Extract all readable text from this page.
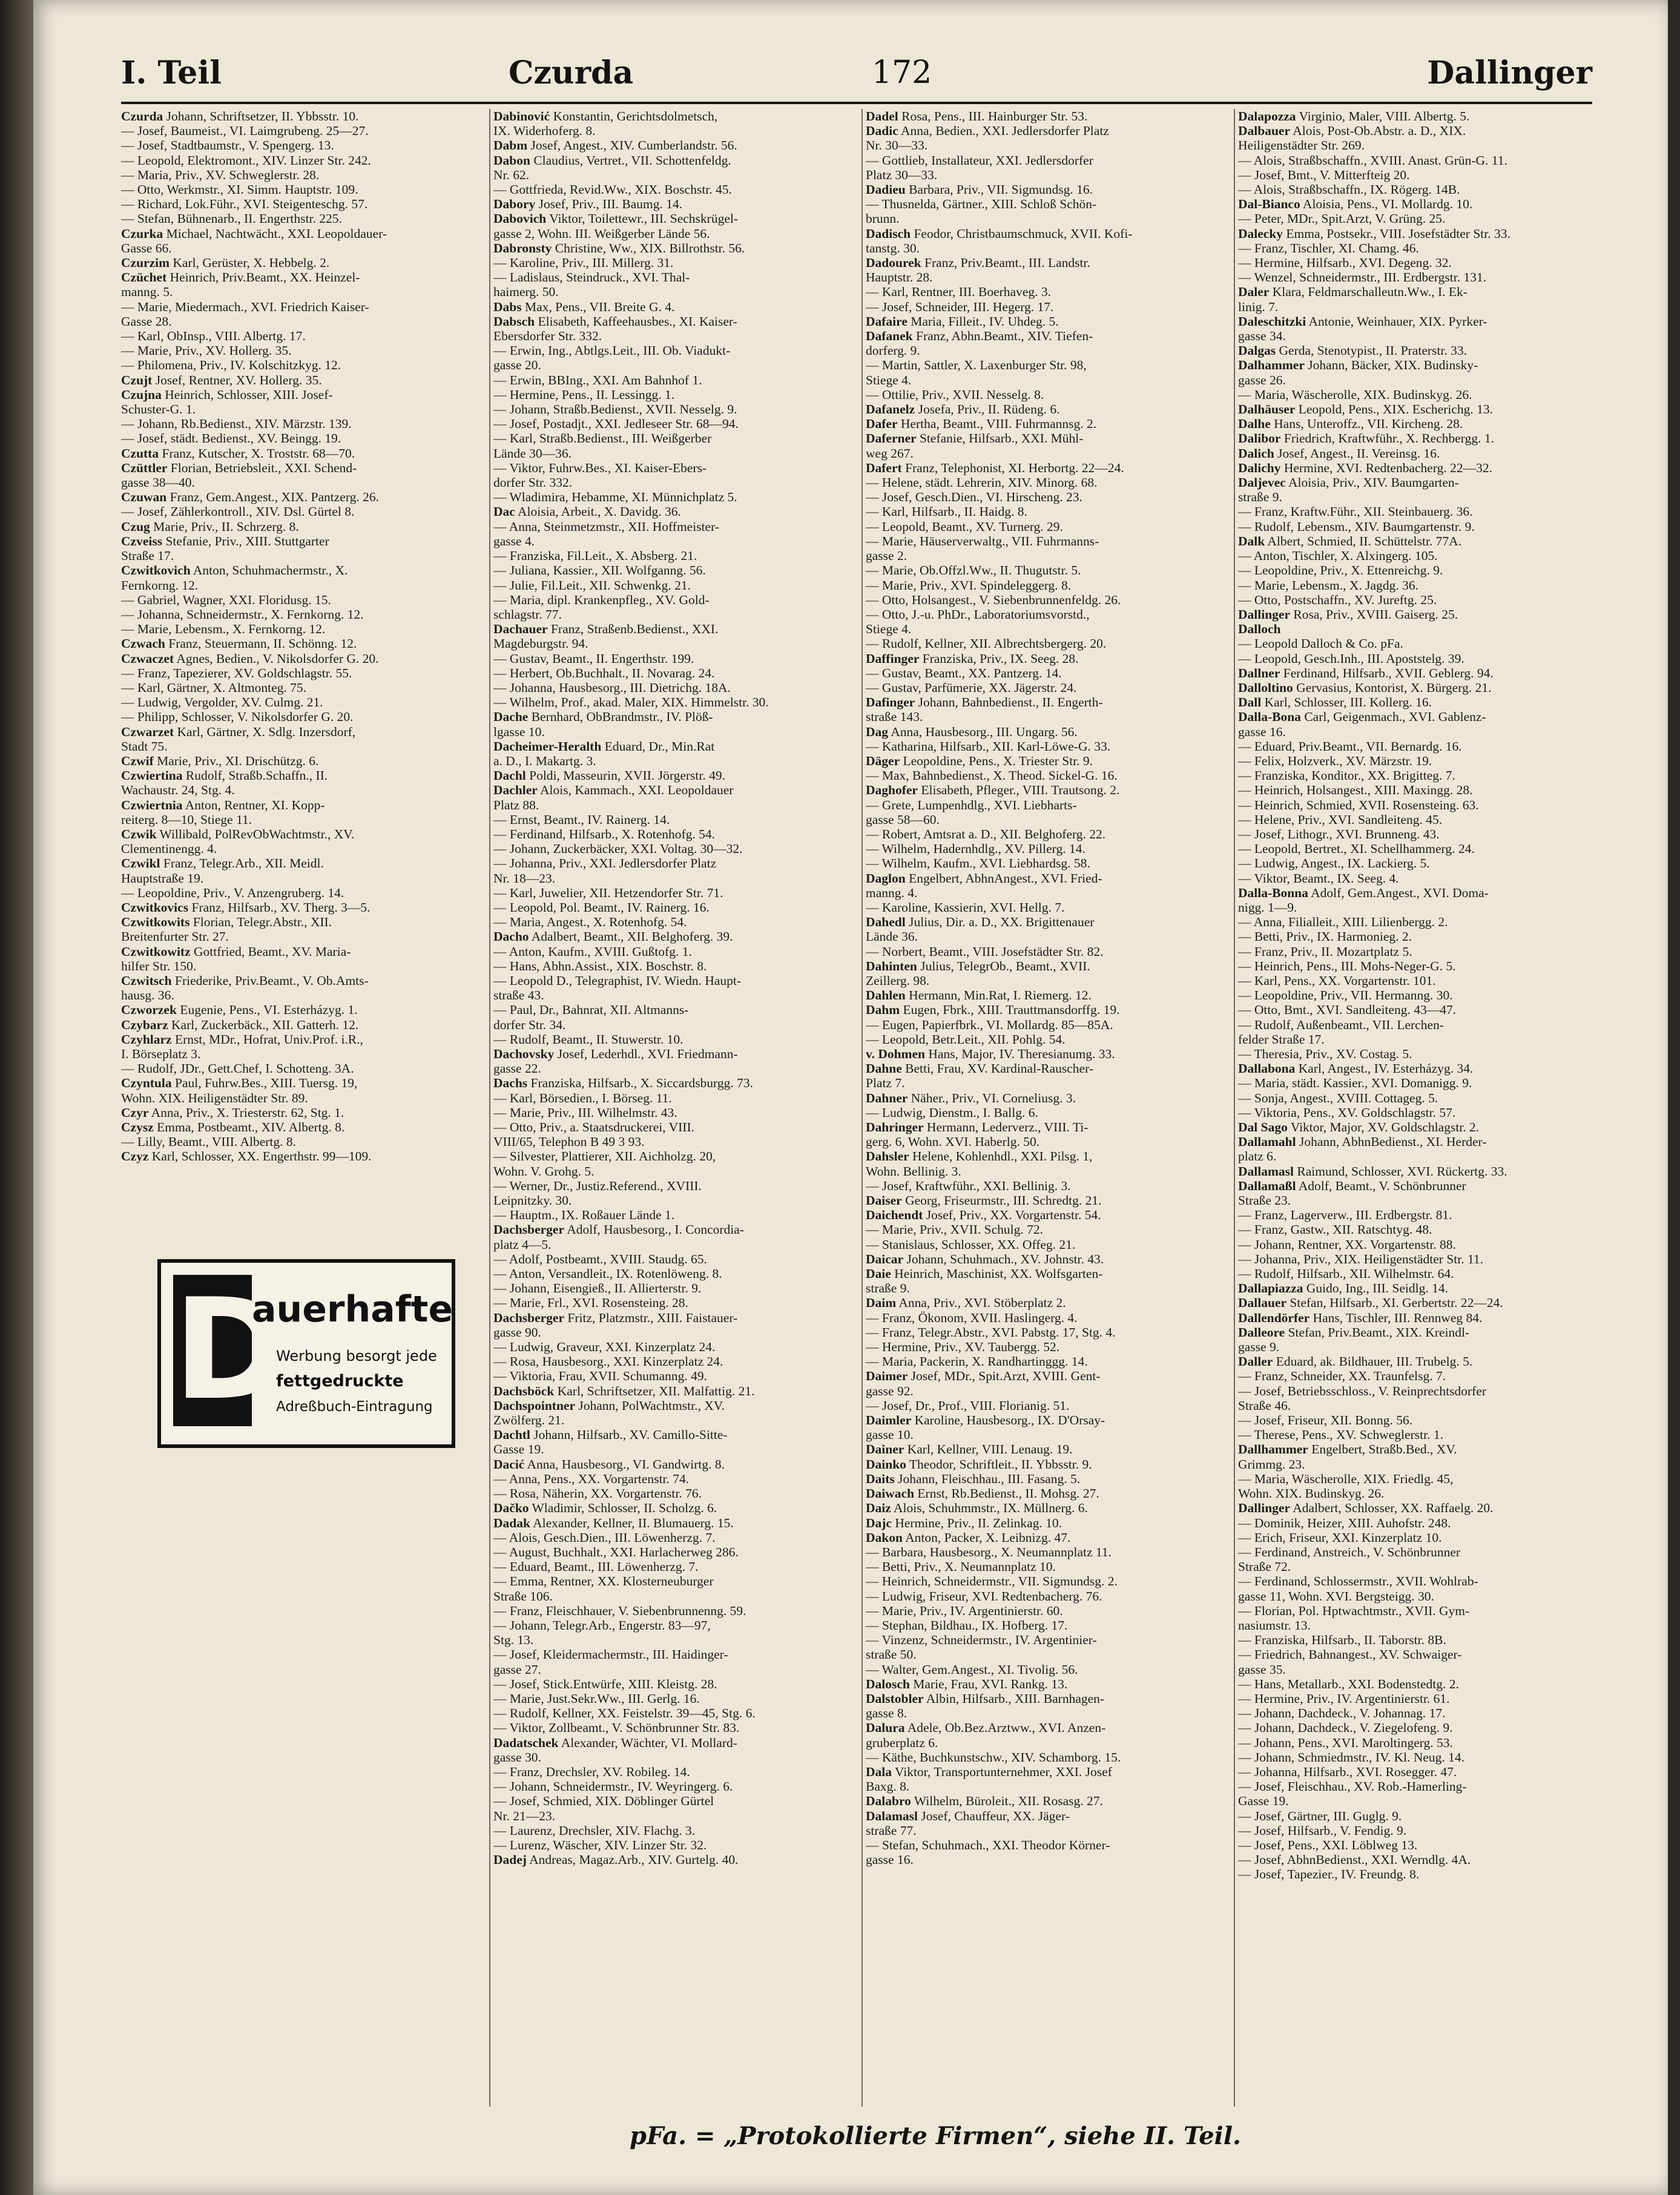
I. Teil	Czurda	172	Dallinger
Czurda Johann, Schriftsetzer, II. Ybbsstr. 10.
— Josef, Baumeist., VI. Laimgrubeng. 25—27.
— Josef, Stadtbaumstr., V. Spengerg. 13.
— Leopold, Elektromont., XIV. Linzer Str. 242.
— Maria, Priv., XV. Schweglerstr. 28.
— Otto, Werkmstr., XI. Simm. Hauptstr. 109.
— Richard, Lok.Führ., XVI. Steigenteschg. 57.
— Stefan, Bühnenarb., II. Engerthstr. 225.
Czurka Michael, Nachtwächt., XXI. Leopoldauer-
Gasse 66.
Czurzim Karl, Gerüster, X. Hebbelg. 2.
Czüchet Heinrich, Priv.Beamt., XX. Heinzel-
manng. 5.
— Marie, Miedermach., XVI. Friedrich Kaiser-
Gasse 28.
— Karl, ObInsp., VIII. Albertg. 17.
— Marie, Priv., XV. Hollerg. 35.
— Philomena, Priv., IV. Kolschitzkyg. 12.
Czujt Josef, Rentner, XV. Hollerg. 35.
Czujna Heinrich, Schlosser, XIII. Josef-
Schuster-G. 1.
— Johann, Rb.Bedienst., XIV. Märzstr. 139.
— Josef, städt. Bedienst., XV. Beingg. 19.
Czutta Franz, Kutscher, X. Troststr. 68—70.
Czüttler Florian, Betriebsleit., XXI. Schend-
gasse 38—40.
Czuwan Franz, Gem.Angest., XIX. Pantzerg. 26.
— Josef, Zählerkontroll., XIV. Dsl. Gürtel 8.
Czug Marie, Priv., II. Schrzerg. 8.
Czveiss Stefanie, Priv., XIII. Stuttgarter
Straße 17.
Czwitkovich Anton, Schuhmachermstr., X.
Fernkorng. 12.
— Gabriel, Wagner, XXI. Floridusg. 15.
— Johanna, Schneidermstr., X. Fernkorng. 12.
— Marie, Lebensm., X. Fernkorng. 12.
Czwach Franz, Steuermann, II. Schönng. 12.
Czwaczet Agnes, Bedien., V. Nikolsdorfer G. 20.
— Franz, Tapezierer, XV. Goldschlagstr. 55.
— Karl, Gärtner, X. Altmonteg. 75.
— Ludwig, Vergolder, XV. Culmg. 21.
— Philipp, Schlosser, V. Nikolsdorfer G. 20.
Czwarzet Karl, Gärtner, X. Sdlg. Inzersdorf,
Stadt 75.
Czwif Marie, Priv., XI. Drischützg. 6.
Czwiertina Rudolf, Straßb.Schaffn., II.
Wachaustr. 24, Stg. 4.
Czwiertnia Anton, Rentner, XI. Kopp-
reiterg. 8—10, Stiege 11.
Czwik Willibald, PolRevObWachtmstr., XV.
Clementinengg. 4.
Czwikl Franz, Telegr.Arb., XII. Meidl.
Hauptstraße 19.
— Leopoldine, Priv., V. Anzengruberg. 14.
Czwitkovics Franz, Hilfsarb., XV. Therg. 3—5.
Czwitkowits Florian, Telegr.Abstr., XII.
Breitenfurter Str. 27.
Czwitkowitz Gottfried, Beamt., XV. Maria-
hilfer Str. 150.
Czwitsch Friederike, Priv.Beamt., V. Ob.Amts-
hausg. 36.
Czworzek Eugenie, Pens., VI. Esterházyg. 1.
Czybarz Karl, Zuckerbäck., XII. Gatterh. 12.
Czyhlarz Ernst, MDr., Hofrat, Univ.Prof. i.R.,
I. Börseplatz 3.
— Rudolf, JDr., Gett.Chef, I. Schotteng. 3A.
Czyntula Paul, Fuhrw.Bes., XIII. Tuersg. 19,
Wohn. XIX. Heiligenstädter Str. 89.
Czyr Anna, Priv., X. Triesterstr. 62, Stg. 1.
Czysz Emma, Postbeamt., XIV. Albertg. 8.
— Lilly, Beamt., VIII. Albertg. 8.
Czyz Karl, Schlosser, XX. Engerthstr. 99—109.
Dabinović Konstantin, Gerichtsdolmetsch,
IX. Widerhoferg. 8.
Dabm Josef, Angest., XIV. Cumberlandstr. 56.
Dabon Claudius, Vertret., VII. Schottenfeldg.
Nr. 62.
— Gottfrieda, Revid.Ww., XIX. Boschstr. 45.
Dabory Josef, Priv., III. Baumg. 14.
Dabovich Viktor, Toilettewr., III. Sechskrügel-
gasse 2, Wohn. III. Weißgerber Lände 56.
Dabronsty Christine, Ww., XIX. Billrothstr. 56.
— Karoline, Priv., III. Millerg. 31.
— Ladislaus, Steindruck., XVI. Thal-
haimerg. 50.
Dabs Max, Pens., VII. Breite G. 4.
Dabsch Elisabeth, Kaffeehausbes., XI. Kaiser-
Ebersdorfer Str. 332.
— Erwin, Ing., Abtlgs.Leit., III. Ob. Viadukt-
gasse 20.
— Erwin, BBIng., XXI. Am Bahnhof 1.
— Hermine, Pens., II. Lessingg. 1.
— Johann, Straßb.Bedienst., XVII. Nesselg. 9.
— Josef, Postadjt., XXI. Jedleseer Str. 68—94.
— Karl, Straßb.Bedienst., III. Weißgerber
Lände 30—36.
— Viktor, Fuhrw.Bes., XI. Kaiser-Ebers-
dorfer Str. 332.
— Wladimira, Hebamme, XI. Münnichplatz 5.
Dac Aloisia, Arbeit., X. Davidg. 36.
— Anna, Steinmetzmstr., XII. Hoffmeister-
gasse 4.
— Franziska, Fil.Leit., X. Absberg. 21.
— Juliana, Kassier., XII. Wolfganng. 56.
— Julie, Fil.Leit., XII. Schwenkg. 21.
— Maria, dipl. Krankenpfleg., XV. Gold-
schlagstr. 77.
Dachauer Franz, Straßenb.Bedienst., XXI.
Magdeburgstr. 94.
— Gustav, Beamt., II. Engerthstr. 199.
— Herbert, Ob.Buchhalt., II. Novarag. 24.
— Johanna, Hausbesorg., III. Dietrichg. 18A.
— Wilhelm, Prof., akad. Maler, XIX. Himmelstr. 30.
Dache Bernhard, ObBrandmstr., IV. Plöß-
lgasse 10.
Dacheimer-Heralth Eduard, Dr., Min.Rat
a. D., I. Makartg. 3.
Dachl Poldi, Masseurin, XVII. Jörgerstr. 49.
Dachler Alois, Kammach., XXI. Leopoldauer
Platz 88.
— Ernst, Beamt., IV. Rainerg. 14.
— Ferdinand, Hilfsarb., X. Rotenhofg. 54.
— Johann, Zuckerbäcker, XXI. Voltag. 30—32.
— Johanna, Priv., XXI. Jedlersdorfer Platz
Nr. 18—23.
— Karl, Juwelier, XII. Hetzendorfer Str. 71.
— Leopold, Pol. Beamt., IV. Rainerg. 16.
— Maria, Angest., X. Rotenhofg. 54.
Dacho Adalbert, Beamt., XII. Belghoferg. 39.
— Anton, Kaufm., XVIII. Gußtofg. 1.
— Hans, Abhn.Assist., XIX. Boschstr. 8.
— Leopold D., Telegraphist, IV. Wiedn. Haupt-
straße 43.
— Paul, Dr., Bahnrat, XII. Altmanns-
dorfer Str. 34.
— Rudolf, Beamt., II. Stuwerstr. 10.
Dachovsky Josef, Lederhdl., XVI. Friedmann-
gasse 22.
Dachs Franziska, Hilfsarb., X. Siccardsburgg. 73.
— Karl, Börsedien., I. Börseg. 11.
— Marie, Priv., III. Wilhelmstr. 43.
— Otto, Priv., a. Staatsdruckerei, VIII.
VIII/65, Telephon B 49 3 93.
— Silvester, Plattierer, XII. Aichholzg. 20,
Wohn. V. Grohg. 5.
— Werner, Dr., Justiz.Referend., XVIII.
Leipnitzky. 30.
— Hauptm., IX. Roßauer Lände 1.
Dachsberger Adolf, Hausbesorg., I. Concordia-
platz 4—5.
— Adolf, Postbeamt., XVIII. Staudg. 65.
— Anton, Versandleit., IX. Rotenlöweng. 8.
— Johann, Eisengieß., II. Allierterstr. 9.
— Marie, Frl., XVI. Rosensteing. 28.
Dachsberger Fritz, Platzmstr., XIII. Faistauer-
gasse 90.
— Ludwig, Graveur, XXI. Kinzerplatz 24.
— Rosa, Hausbesorg., XXI. Kinzerplatz 24.
— Viktoria, Frau, XVII. Schumanng. 49.
Dachsböck Karl, Schriftsetzer, XII. Malfattig. 21.
Dachspointner Johann, PolWachtmstr., XV.
Zwölferg. 21.
Dachtl Johann, Hilfsarb., XV. Camillo-Sitte-
Gasse 19.
Dacić Anna, Hausbesorg., VI. Gandwirtg. 8.
— Anna, Pens., XX. Vorgartenstr. 74.
— Rosa, Näherin, XX. Vorgartenstr. 76.
Dačko Wladimir, Schlosser, II. Scholzg. 6.
Dadak Alexander, Kellner, II. Blumauerg. 15.
— Alois, Gesch.Dien., III. Löwenherzg. 7.
— August, Buchhalt., XXI. Harlacherweg 286.
— Eduard, Beamt., III. Löwenherzg. 7.
— Emma, Rentner, XX. Klosterneuburger
Straße 106.
— Franz, Fleischhauer, V. Siebenbrunnenng. 59.
— Johann, Telegr.Arb., Engerstr. 83—97,
Stg. 13.
— Josef, Kleidermachermstr., III. Haidinger-
gasse 27.
— Josef, Stick.Entwürfe, XIII. Kleistg. 28.
— Marie, Just.Sekr.Ww., III. Gerlg. 16.
— Rudolf, Kellner, XX. Feistelstr. 39—45, Stg. 6.
— Viktor, Zollbeamt., V. Schönbrunner Str. 83.
Dadatschek Alexander, Wächter, VI. Mollard-
gasse 30.
— Franz, Drechsler, XV. Robileg. 14.
— Johann, Schneidermstr., IV. Weyringerg. 6.
— Josef, Schmied, XIX. Döblinger Gürtel
Nr. 21—23.
— Laurenz, Drechsler, XIV. Flachg. 3.
— Lurenz, Wäscher, XIV. Linzer Str. 32.
Dadej Andreas, Magaz.Arb., XIV. Gurtelg. 40.
Dadel Rosa, Pens., III. Hainburger Str. 53.
Dadic Anna, Bedien., XXI. Jedlersdorfer Platz
Nr. 30—33.
— Gottlieb, Installateur, XXI. Jedlersdorfer
Platz 30—33.
Dadieu Barbara, Priv., VII. Sigmundsg. 16.
— Thusnelda, Gärtner., XIII. Schloß Schön-
brunn.
Dadisch Feodor, Christbaumschmuck, XVII. Kofi-
tanstg. 30.
Dadourek Franz, Priv.Beamt., III. Landstr.
Hauptstr. 28.
— Karl, Rentner, III. Boerhaveg. 3.
— Josef, Schneider, III. Hegerg. 17.
Dafaire Maria, Filleit., IV. Uhdeg. 5.
Dafanek Franz, Abhn.Beamt., XIV. Tiefen-
dorferg. 9.
— Martin, Sattler, X. Laxenburger Str. 98,
Stiege 4.
— Ottilie, Priv., XVII. Nesselg. 8.
Dafanelz Josefa, Priv., II. Rüdeng. 6.
Dafer Hertha, Beamt., VIII. Fuhrmannsg. 2.
Daferner Stefanie, Hilfsarb., XXI. Mühl-
weg 267.
Dafert Franz, Telephonist, XI. Herbortg. 22—24.
— Helene, städt. Lehrerin, XIV. Minorg. 68.
— Josef, Gesch.Dien., VI. Hirscheng. 23.
— Karl, Hilfsarb., II. Haidg. 8.
— Leopold, Beamt., XV. Turnerg. 29.
— Marie, Häuserverwaltg., VII. Fuhrmanns-
gasse 2.
— Marie, Ob.Offzl.Ww., II. Thugutstr. 5.
— Marie, Priv., XVI. Spindeleggerg. 8.
— Otto, Holsangest., V. Siebenbrunnenfeldg. 26.
— Otto, J.-u. PhDr., Laboratoriumsvorstd.,
Stiege 4.
— Rudolf, Kellner, XII. Albrechtsbergerg. 20.
Daffinger Franziska, Priv., IX. Seeg. 28.
— Gustav, Beamt., XX. Pantzerg. 14.
— Gustav, Parfümerie, XX. Jägerstr. 24.
Dafinger Johann, Bahnbedienst., II. Engerth-
straße 143.
Dag Anna, Hausbesorg., III. Ungarg. 56.
— Katharina, Hilfsarb., XII. Karl-Löwe-G. 33.
Däger Leopoldine, Pens., X. Triester Str. 9.
— Max, Bahnbedienst., X. Theod. Sickel-G. 16.
Daghofer Elisabeth, Pfleger., VIII. Trautsong. 2.
— Grete, Lumpenhdlg., XVI. Liebharts-
gasse 58—60.
— Robert, Amtsrat a. D., XII. Belghoferg. 22.
— Wilhelm, Hadernhdlg., XV. Pillerg. 14.
— Wilhelm, Kaufm., XVI. Liebhardsg. 58.
Daglon Engelbert, AbhnAngest., XVI. Fried-
manng. 4.
— Karoline, Kassierin, XVI. Hellg. 7.
Dahedl Julius, Dir. a. D., XX. Brigittenauer
Lände 36.
— Norbert, Beamt., VIII. Josefstädter Str. 82.
Dahinten Julius, TelegrOb., Beamt., XVII.
Zeillerg. 98.
Dahlen Hermann, Min.Rat, I. Riemerg. 12.
Dahm Eugen, Fbrk., XIII. Trauttmansdorffg. 19.
— Eugen, Papierfbrk., VI. Mollardg. 85—85A.
— Leopold, Betr.Leit., XII. Pohlg. 54.
v. Dohmen Hans, Major, IV. Theresianumg. 33.
Dahne Betti, Frau, XV. Kardinal-Rauscher-
Platz 7.
Dahner Näher., Priv., VI. Corneliusg. 3.
— Ludwig, Dienstm., I. Ballg. 6.
Dahringer Hermann, Lederverz., VIII. Ti-
gerg. 6, Wohn. XVI. Haberlg. 50.
Dahsler Helene, Kohlenhdl., XXI. Pilsg. 1,
Wohn. Bellinig. 3.
— Josef, Kraftwführ., XXI. Bellinig. 3.
Daiser Georg, Friseurmstr., III. Schredtg. 21.
Daichendt Josef, Priv., XX. Vorgartenstr. 54.
— Marie, Priv., XVII. Schulg. 72.
— Stanislaus, Schlosser, XX. Offeg. 21.
Daicar Johann, Schuhmach., XV. Johnstr. 43.
Daie Heinrich, Maschinist, XX. Wolfsgarten-
straße 9.
Daim Anna, Priv., XVI. Stöberplatz 2.
— Franz, Ökonom, XVII. Haslingerg. 4.
— Franz, Telegr.Abstr., XVI. Pabstg. 17, Stg. 4.
— Hermine, Priv., XV. Taubergg. 52.
— Maria, Packerin, X. Randhartinggg. 14.
Daimer Josef, MDr., Spit.Arzt, XVIII. Gent-
gasse 92.
— Josef, Dr., Prof., VIII. Florianig. 51.
Daimler Karoline, Hausbesorg., IX. D'Orsay-
gasse 10.
Dainer Karl, Kellner, VIII. Lenaug. 19.
Dainko Theodor, Schriftleit., II. Ybbsstr. 9.
Daits Johann, Fleischhau., III. Fasang. 5.
Daiwach Ernst, Rb.Bedienst., II. Mohsg. 27.
Daiz Alois, Schuhmmstr., IX. Müllnerg. 6.
Dajc Hermine, Priv., II. Zelinkag. 10.
Dakon Anton, Packer, X. Leibnizg. 47.
— Barbara, Hausbesorg., X. Neumannplatz 11.
— Betti, Priv., X. Neumannplatz 10.
— Heinrich, Schneidermstr., VII. Sigmundsg. 2.
— Ludwig, Friseur, XVI. Redtenbacherg. 76.
— Marie, Priv., IV. Argentinierstr. 60.
— Stephan, Bildhau., IX. Hofberg. 17.
— Vinzenz, Schneidermstr., IV. Argentinier-
straße 50.
— Walter, Gem.Angest., XI. Tivolig. 56.
Dalosch Marie, Frau, XVI. Rankg. 13.
Dalstobler Albin, Hilfsarb., XIII. Barnhagen-
gasse 8.
Dalura Adele, Ob.Bez.Arztww., XVI. Anzen-
gruberplatz 6.
— Käthe, Buchkunstschw., XIV. Schamborg. 15.
Dala Viktor, Transportunternehmer, XXI. Josef
Baxg. 8.
Dalabro Wilhelm, Büroleit., XII. Rosasg. 27.
Dalamasl Josef, Chauffeur, XX. Jäger-
straße 77.
— Stefan, Schuhmach., XXI. Theodor Körner-
gasse 16.
Dalapozza Virginio, Maler, VIII. Albertg. 5.
Dalbauer Alois, Post-Ob.Abstr. a. D., XIX.
Heiligenstädter Str. 269.
— Alois, Straßbschaffn., XVIII. Anast. Grün-G. 11.
— Josef, Bmt., V. Mitterfteig 20.
— Alois, Straßbschaffn., IX. Rögerg. 14B.
Dal-Bianco Aloisia, Pens., VI. Mollardg. 10.
— Peter, MDr., Spit.Arzt, V. Grüng. 25.
Dalecky Emma, Postsekr., VIII. Josefstädter Str. 33.
— Franz, Tischler, XI. Chamg. 46.
— Hermine, Hilfsarb., XVI. Degeng. 32.
— Wenzel, Schneidermstr., III. Erdbergstr. 131.
Daler Klara, Feldmarschalleutn.Ww., I. Ek-
linig. 7.
Daleschitzki Antonie, Weinhauer, XIX. Pyrker-
gasse 34.
Dalgas Gerda, Stenotypist., II. Praterstr. 33.
Dalhammer Johann, Bäcker, XIX. Budinsky-
gasse 26.
— Maria, Wäscherolle, XIX. Budinskyg. 26.
Dalhäuser Leopold, Pens., XIX. Escherichg. 13.
Dalhe Hans, Unteroffz., VII. Kircheng. 28.
Dalibor Friedrich, Kraftwführ., X. Rechbergg. 1.
Dalich Josef, Angest., II. Vereinsg. 16.
Dalichy Hermine, XVI. Redtenbacherg. 22—32.
Daljevec Aloisia, Priv., XIV. Baumgarten-
straße 9.
— Franz, Kraftw.Führ., XII. Steinbauerg. 36.
— Rudolf, Lebensm., XIV. Baumgartenstr. 9.
Dalk Albert, Schmied, II. Schüttelstr. 77A.
— Anton, Tischler, X. Alxingerg. 105.
— Leopoldine, Priv., X. Ettenreichg. 9.
— Marie, Lebensm., X. Jagdg. 36.
— Otto, Postschaffn., XV. Jureftg. 25.
Dallinger Rosa, Priv., XVIII. Gaiserg. 25.
Dalloch
— Leopold Dalloch & Co. pFa.
— Leopold, Gesch.Inh., III. Apoststelg. 39.
Dallner Ferdinand, Hilfsarb., XVII. Geblerg. 94.
Dalloltino Gervasius, Kontorist, X. Bürgerg. 21.
Dall Karl, Schlosser, III. Kollerg. 16.
Dalla-Bona Carl, Geigenmach., XVI. Gablenz-
gasse 16.
— Eduard, Priv.Beamt., VII. Bernardg. 16.
— Felix, Holzverk., XV. Märzstr. 19.
— Franziska, Konditor., XX. Brigitteg. 7.
— Heinrich, Holsangest., XIII. Maxingg. 28.
— Heinrich, Schmied, XVII. Rosensteing. 63.
— Helene, Priv., XVI. Sandleiteng. 45.
— Josef, Lithogr., XVI. Brunneng. 43.
— Leopold, Bertret., XI. Schellhammerg. 24.
— Ludwig, Angest., IX. Lackierg. 5.
— Viktor, Beamt., IX. Seeg. 4.
Dalla-Bonna Adolf, Gem.Angest., XVI. Doma-
nigg. 1—9.
— Anna, Filialleit., XIII. Lilienbergg. 2.
— Betti, Priv., IX. Harmonieg. 2.
— Franz, Priv., II. Mozartplatz 5.
— Heinrich, Pens., III. Mohs-Neger-G. 5.
— Karl, Pens., XX. Vorgartenstr. 101.
— Leopoldine, Priv., VII. Hermanng. 30.
— Otto, Bmt., XVI. Sandleiteng. 43—47.
— Rudolf, Außenbeamt., VII. Lerchen-
felder Straße 17.
— Theresia, Priv., XV. Costag. 5.
Dallabona Karl, Angest., IV. Esterházyg. 34.
— Maria, städt. Kassier., XVI. Domanigg. 9.
— Sonja, Angest., XVIII. Cottageg. 5.
— Viktoria, Pens., XV. Goldschlagstr. 57.
Dal Sago Viktor, Major, XV. Goldschlagstr. 2.
Dallamahl Johann, AbhnBedienst., XI. Herder-
platz 6.
Dallamasl Raimund, Schlosser, XVI. Rückertg. 33.
Dallamaßl Adolf, Beamt., V. Schönbrunner
Straße 23.
— Franz, Lagerverw., III. Erdbergstr. 81.
— Franz, Gastw., XII. Ratschtyg. 48.
— Johann, Rentner, XX. Vorgartenstr. 88.
— Johanna, Priv., XIX. Heiligenstädter Str. 11.
— Rudolf, Hilfsarb., XII. Wilhelmstr. 64.
Dallapiazza Guido, Ing., III. Seidlg. 14.
Dallauer Stefan, Hilfsarb., XI. Gerbertstr. 22—24.
Dallendörfer Hans, Tischler, III. Rennweg 84.
Dalleore Stefan, Priv.Beamt., XIX. Kreindl-
gasse 9.
Daller Eduard, ak. Bildhauer, III. Trubelg. 5.
— Franz, Schneider, XX. Traunfelsg. 7.
— Josef, Betriebsschloss., V. Reinprechtsdorfer
Straße 46.
— Josef, Friseur, XII. Bonng. 56.
— Therese, Pens., XV. Schweglerstr. 1.
Dallhammer Engelbert, Straßb.Bed., XV.
Grimmg. 23.
— Maria, Wäscherolle, XIX. Friedlg. 45,
Wohn. XIX. Budinskyg. 26.
Dallinger Adalbert, Schlosser, XX. Raffaelg. 20.
— Dominik, Heizer, XIII. Auhofstr. 248.
— Erich, Friseur, XXI. Kinzerplatz 10.
— Ferdinand, Anstreich., V. Schönbrunner
Straße 72.
— Ferdinand, Schlossermstr., XVII. Wohlrab-
gasse 11, Wohn. XVI. Bergsteigg. 30.
— Florian, Pol. Hptwachtmstr., XVII. Gym-
nasiumstr. 13.
— Franziska, Hilfsarb., II. Taborstr. 8B.
— Friedrich, Bahnangest., XV. Schwaiger-
gasse 35.
— Hans, Metallarb., XXI. Bodenstedtg. 2.
— Hermine, Priv., IV. Argentinierstr. 61.
— Johann, Dachdeck., V. Johannag. 17.
— Johann, Dachdeck., V. Ziegelofeng. 9.
— Johann, Pens., XVI. Maroltingerg. 53.
— Johann, Schmiedmstr., IV. Kl. Neug. 14.
— Johanna, Hilfsarb., XVI. Rosegger. 47.
— Josef, Fleischhau., XV. Rob.-Hamerling-
Gasse 19.
— Josef, Gärtner, III. Guglg. 9.
— Josef, Hilfsarb., V. Fendig. 9.
— Josef, Pens., XXI. Löblweg 13.
— Josef, AbhnBedienst., XXI. Werndlg. 4A.
— Josef, Tapezier., IV. Freundg. 8.
D
auerhafte
Werbung besorgt jede
fettgedruckte
Adreßbuch-Eintragung
pFa. = „Protokollierte Firmen“, siehe II. Teil.
